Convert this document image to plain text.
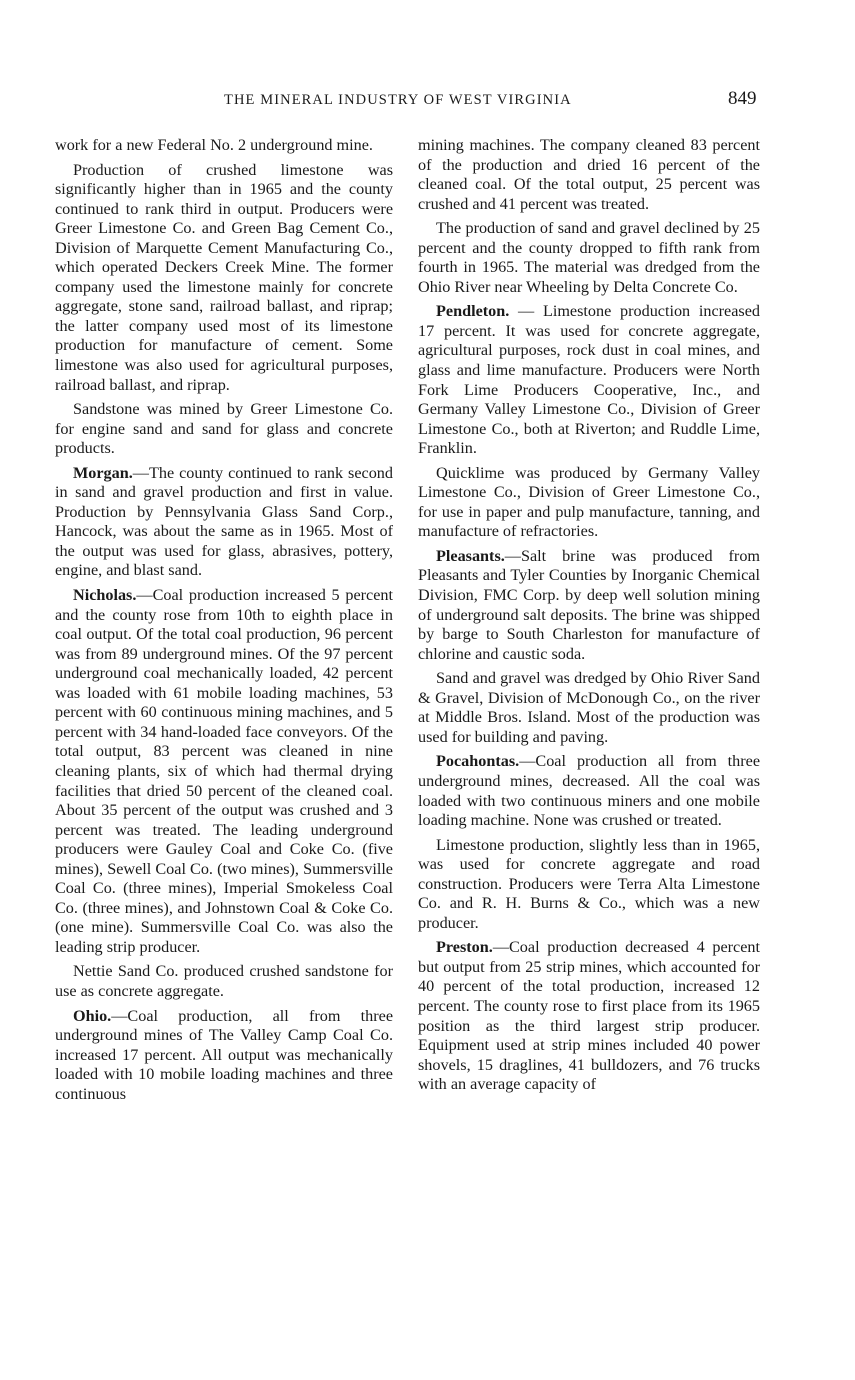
THE MINERAL INDUSTRY OF WEST VIRGINIA	849

work for a new Federal No. 2 underground mine.

Production of crushed limestone was significantly higher than in 1965 and the county continued to rank third in output. Producers were Greer Limestone Co. and Green Bag Cement Co., Division of Marquette Cement Manufacturing Co., which operated Deckers Creek Mine. The former company used the limestone mainly for concrete aggregate, stone sand, railroad ballast, and riprap; the latter company used most of its limestone production for manufacture of cement. Some limestone was also used for agricultural purposes, railroad ballast, and riprap.

Sandstone was mined by Greer Limestone Co. for engine sand and sand for glass and concrete products.

Morgan.—The county continued to rank second in sand and gravel production and first in value. Production by Pennsylvania Glass Sand Corp., Hancock, was about the same as in 1965. Most of the output was used for glass, abrasives, pottery, engine, and blast sand.

Nicholas.—Coal production increased 5 percent and the county rose from 10th to eighth place in coal output. Of the total coal production, 96 percent was from 89 underground mines. Of the 97 percent underground coal mechanically loaded, 42 percent was loaded with 61 mobile loading machines, 53 percent with 60 continuous mining machines, and 5 percent with 34 hand-loaded face conveyors. Of the total output, 83 percent was cleaned in nine cleaning plants, six of which had thermal drying facilities that dried 50 percent of the cleaned coal. About 35 percent of the output was crushed and 3 percent was treated. The leading underground producers were Gauley Coal and Coke Co. (five mines), Sewell Coal Co. (two mines), Summersville Coal Co. (three mines), Imperial Smokeless Coal Co. (three mines), and Johnstown Coal & Coke Co. (one mine). Summersville Coal Co. was also the leading strip producer.

Nettie Sand Co. produced crushed sandstone for use as concrete aggregate.

Ohio.—Coal production, all from three underground mines of The Valley Camp Coal Co. increased 17 percent. All output was mechanically loaded with 10 mobile loading machines and three continuous

mining machines. The company cleaned 83 percent of the production and dried 16 percent of the cleaned coal. Of the total output, 25 percent was crushed and 41 percent was treated.

The production of sand and gravel declined by 25 percent and the county dropped to fifth rank from fourth in 1965. The material was dredged from the Ohio River near Wheeling by Delta Concrete Co.

Pendleton. — Limestone production increased 17 percent. It was used for concrete aggregate, agricultural purposes, rock dust in coal mines, and glass and lime manufacture. Producers were North Fork Lime Producers Cooperative, Inc., and Germany Valley Limestone Co., Division of Greer Limestone Co., both at Riverton; and Ruddle Lime, Franklin.

Quicklime was produced by Germany Valley Limestone Co., Division of Greer Limestone Co., for use in paper and pulp manufacture, tanning, and manufacture of refractories.

Pleasants.—Salt brine was produced from Pleasants and Tyler Counties by Inorganic Chemical Division, FMC Corp. by deep well solution mining of underground salt deposits. The brine was shipped by barge to South Charleston for manufacture of chlorine and caustic soda.

Sand and gravel was dredged by Ohio River Sand & Gravel, Division of McDonough Co., on the river at Middle Bros. Island. Most of the production was used for building and paving.

Pocahontas.—Coal production all from three underground mines, decreased. All the coal was loaded with two continuous miners and one mobile loading machine. None was crushed or treated.

Limestone production, slightly less than in 1965, was used for concrete aggregate and road construction. Producers were Terra Alta Limestone Co. and R. H. Burns & Co., which was a new producer.

Preston.—Coal production decreased 4 percent but output from 25 strip mines, which accounted for 40 percent of the total production, increased 12 percent. The county rose to first place from its 1965 position as the third largest strip producer. Equipment used at strip mines included 40 power shovels, 15 draglines, 41 bulldozers, and 76 trucks with an average capacity of
